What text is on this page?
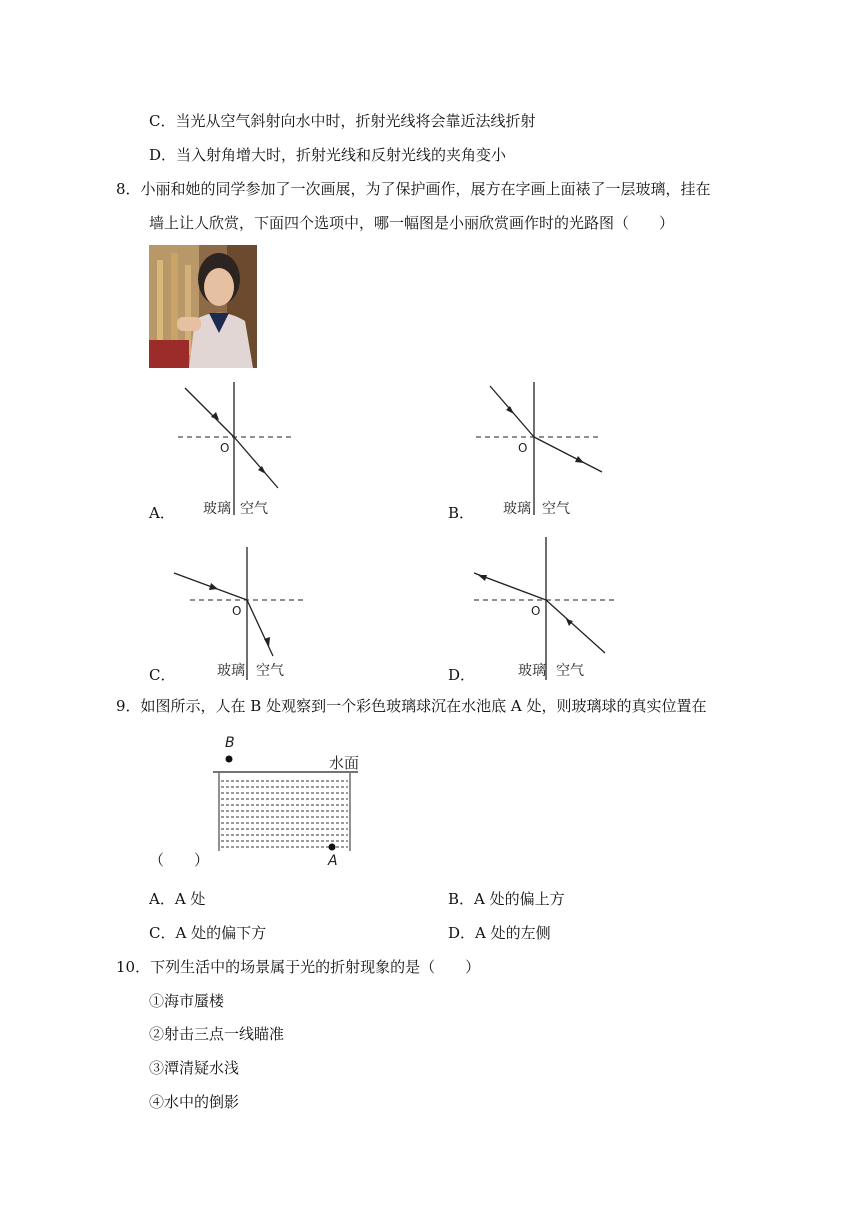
C．当光从空气斜射向水中时，折射光线将会靠近法线折射
D．当入射角增大时，折射光线和反射光线的夹角变小
8．小丽和她的同学参加了一次画展，为了保护画作，展方在字画上面裱了一层玻璃，挂在
墙上让人欣赏，下面四个选项中，哪一幅图是小丽欣赏画作时的光路图（　　）
A．
O
玻璃 空气	B．
O
玻璃 空气
C．
O
玻璃 空气	D．
O
玻璃 空气
9．如图所示，人在 B 处观察到一个彩色玻璃球沉在水池底 A 处，则玻璃球的真实位置在
B
水面
A
（　　）
A．A 处	B．A 处的偏上方
C．A 处的偏下方	D．A 处的左侧
10．下列生活中的场景属于光的折射现象的是（　　）
①海市蜃楼
②射击三点一线瞄准
③潭清疑水浅
④水中的倒影
